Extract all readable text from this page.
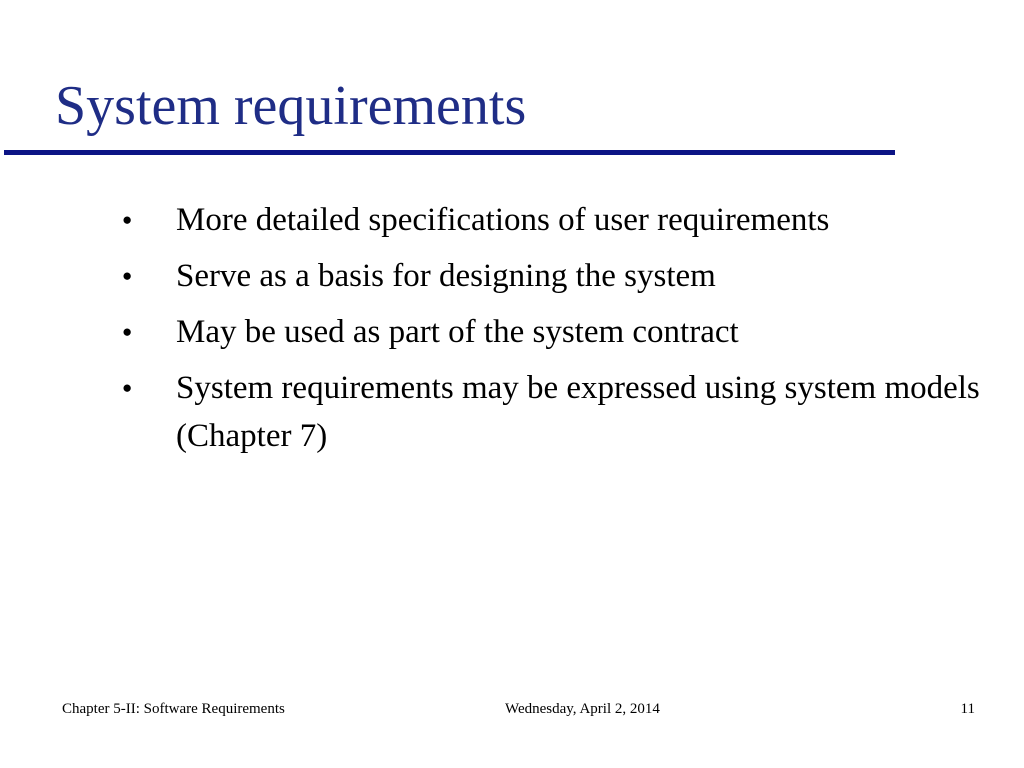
System requirements
●	More detailed specifications of user requirements
●	Serve as a basis for designing the system
●	May be used as part of the system contract
●	System requirements may be expressed using system models (Chapter 7)
Chapter 5-II: Software Requirements	Wednesday, April 2, 2014	11
